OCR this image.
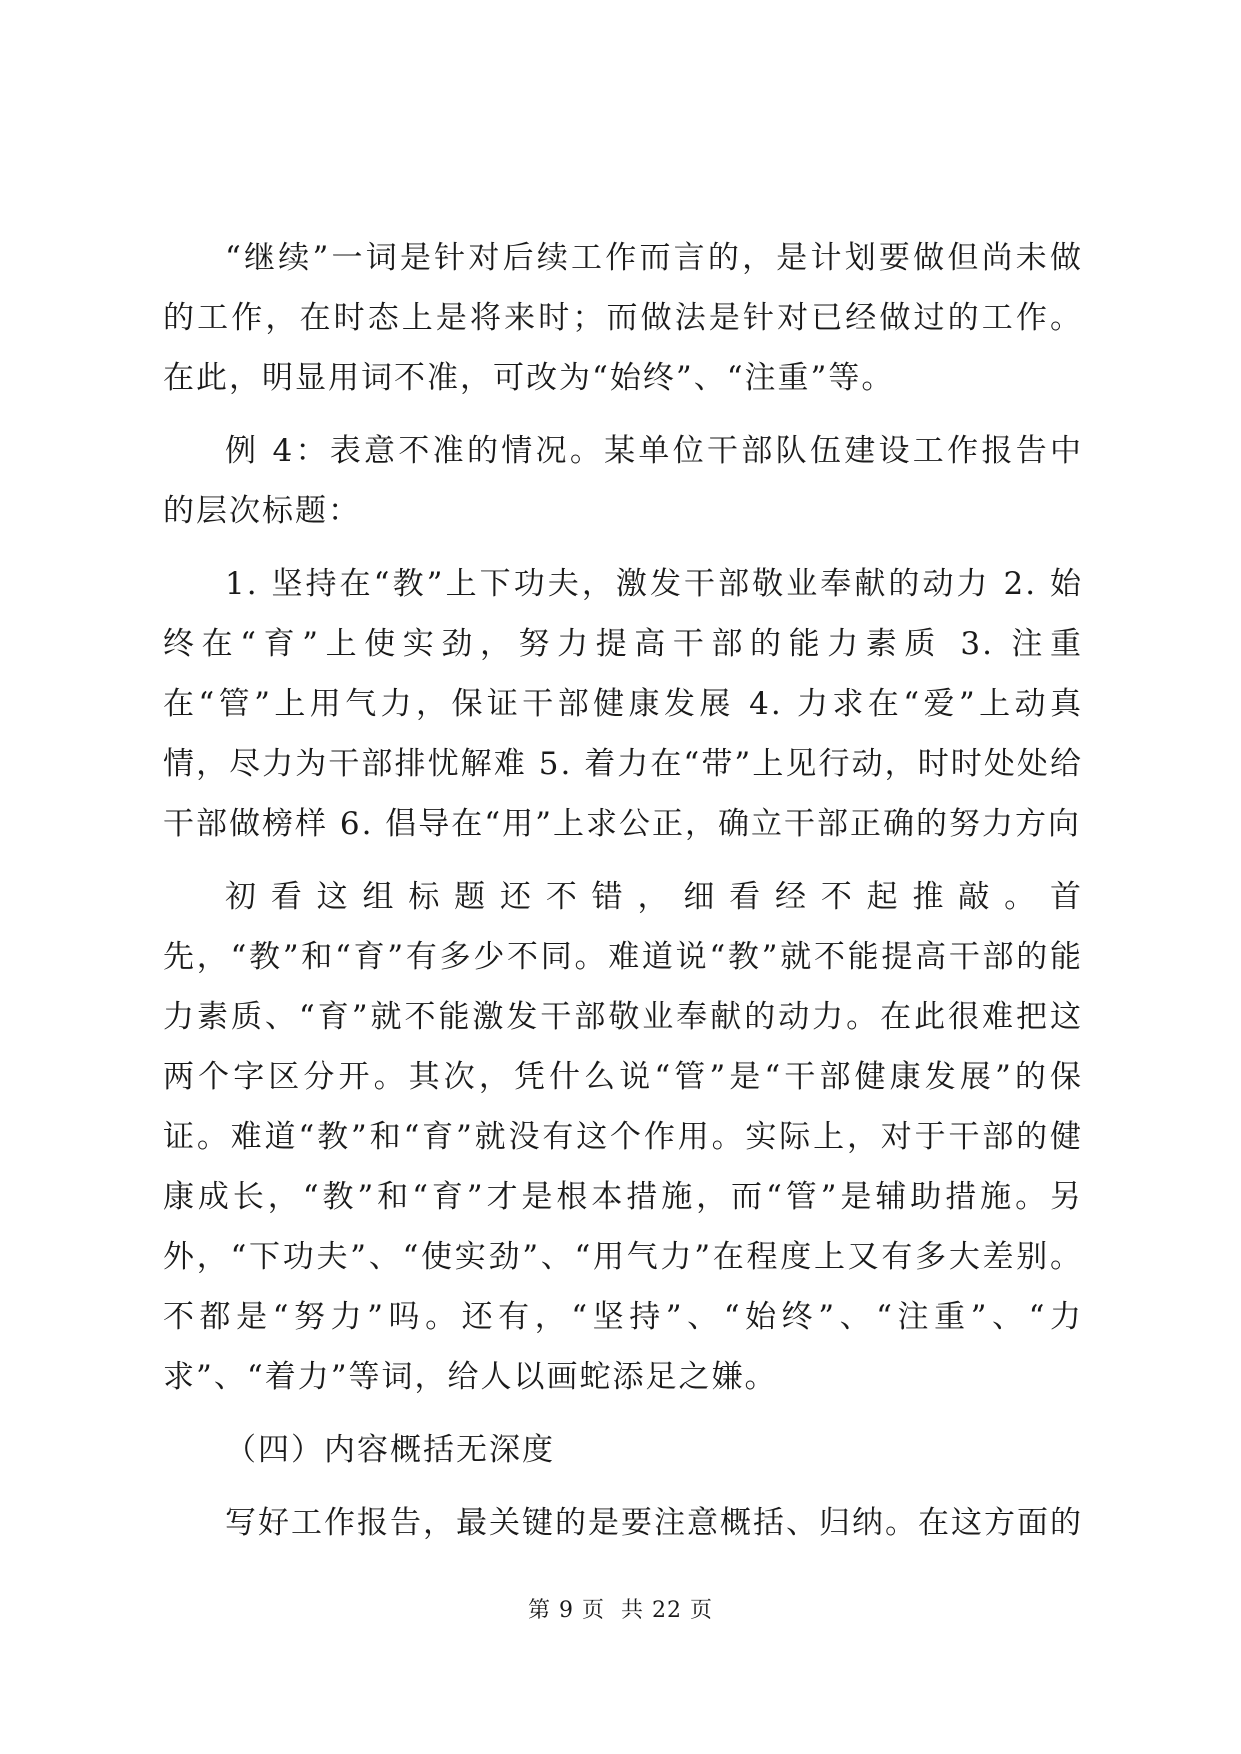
“继续”一词是针对后续工作而言的，是计划要做但尚未做的工作，在时态上是将来时；而做法是针对已经做过的工作。在此，明显用词不准，可改为“始终”、“注重”等。

例 4：表意不准的情况。某单位干部队伍建设工作报告中的层次标题：

1. 坚持在“教”上下功夫，激发干部敬业奉献的动力 2. 始终在“育”上使实劲，努力提高干部的能力素质 3. 注重在“管”上用气力，保证干部健康发展 4. 力求在“爱”上动真情，尽力为干部排忧解难 5. 着力在“带”上见行动，时时处处给干部做榜样 6. 倡导在“用”上求公正，确立干部正确的努力方向

初看这组标题还不错，细看经不起推敲。首先，“教”和“育”有多少不同。难道说“教”就不能提高干部的能力素质、“育”就不能激发干部敬业奉献的动力。在此很难把这两个字区分开。其次，凭什么说“管”是“干部健康发展”的保证。难道“教”和“育”就没有这个作用。实际上，对于干部的健康成长，“教”和“育”才是根本措施，而“管”是辅助措施。另外，“下功夫”、“使实劲”、“用气力”在程度上又有多大差别。不都是“努力”吗。还有，“坚持”、“始终”、“注重”、“力求”、“着力”等词，给人以画蛇添足之嫌。

（四）内容概括无深度

写好工作报告，最关键的是要注意概括、归纳。在这方面的

第 9 页 共 22 页
